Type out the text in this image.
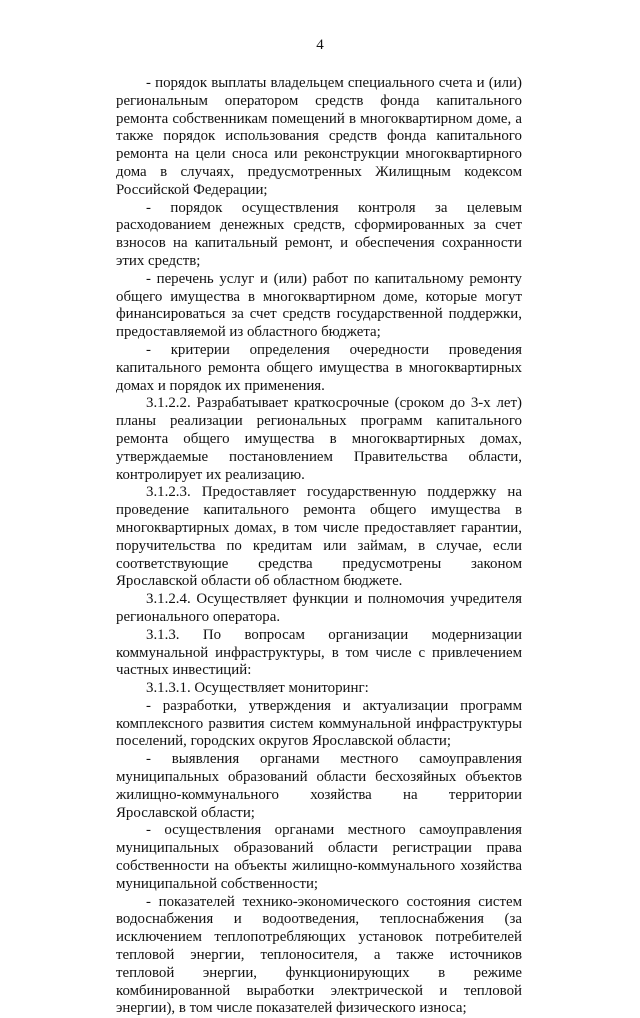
4

- порядок выплаты владельцем специального счета и (или) региональным оператором средств фонда капитального ремонта собственникам помещений в многоквартирном доме, а также порядок использования средств фонда капитального ремонта на цели сноса или реконструкции многоквартирного дома в случаях, предусмотренных Жилищным кодексом Российской Федерации;

- порядок осуществления контроля за целевым расходованием денежных средств, сформированных за счет взносов на капитальный ремонт, и обеспечения сохранности этих средств;

- перечень услуг и (или) работ по капитальному ремонту общего имущества в многоквартирном доме, которые могут финансироваться за счет средств государственной поддержки, предоставляемой из областного бюджета;

- критерии определения очередности проведения капитального ремонта общего имущества в многоквартирных домах и порядок их применения.

3.1.2.2. Разрабатывает краткосрочные (сроком до 3-х лет) планы реализации региональных программ капитального ремонта общего имущества в многоквартирных домах, утверждаемые постановлением Правительства области, контролирует их реализацию.

3.1.2.3. Предоставляет государственную поддержку на проведение капитального ремонта общего имущества в многоквартирных домах, в том числе предоставляет гарантии, поручительства по кредитам или займам, в случае, если соответствующие средства предусмотрены законом Ярославской области об областном бюджете.

3.1.2.4. Осуществляет функции и полномочия учредителя регионального оператора.

3.1.3. По вопросам организации модернизации коммунальной инфраструктуры, в том числе с привлечением частных инвестиций:

3.1.3.1. Осуществляет мониторинг:

- разработки, утверждения и актуализации программ комплексного развития систем коммунальной инфраструктуры поселений, городских округов Ярославской области;

- выявления органами местного самоуправления муниципальных образований области бесхозяйных объектов жилищно-коммунального хозяйства на территории Ярославской области;

- осуществления органами местного самоуправления муниципальных образований области регистрации права собственности на объекты жилищно-коммунального хозяйства муниципальной собственности;

- показателей технико-экономического состояния систем водоснабжения и водоотведения, теплоснабжения (за исключением теплопотребляющих установок потребителей тепловой энергии, теплоносителя, а также источников тепловой энергии, функционирующих в режиме комбинированной выработки электрической и тепловой энергии), в том числе показателей физического износа;
